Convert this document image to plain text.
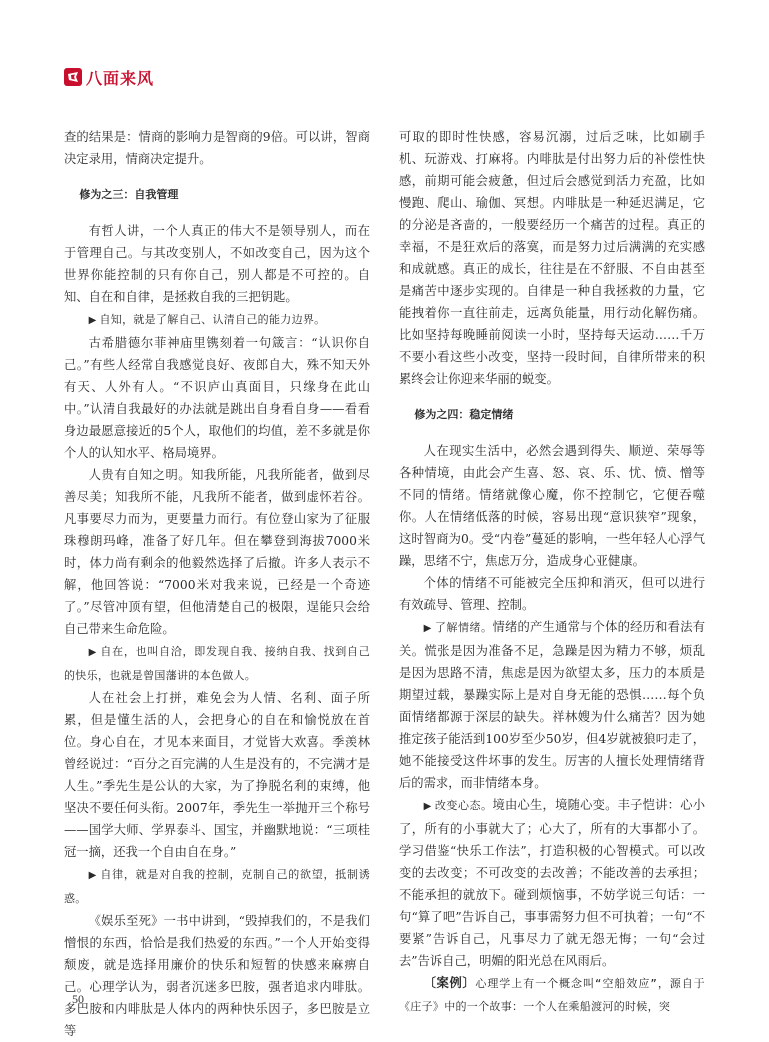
八面来风

查的结果是：情商的影响力是智商的9倍。可以讲，智商决定录用，情商决定提升。

修为之三：自我管理

有哲人讲，一个人真正的伟大不是领导别人，而在于管理自己。与其改变别人，不如改变自己，因为这个世界你能控制的只有你自己，别人都是不可控的。自知、自在和自律，是拯救自我的三把钥匙。

▶ 自知，就是了解自己、认清自己的能力边界。

古希腊德尔菲神庙里镌刻着一句箴言：“认识你自己。”有些人经常自我感觉良好、夜郎自大，殊不知天外有天、人外有人。“不识庐山真面目，只缘身在此山中。”认清自我最好的办法就是跳出自身看自身——看看身边最愿意接近的5个人，取他们的均值，差不多就是你个人的认知水平、格局境界。

人贵有自知之明。知我所能，凡我所能者，做到尽善尽美；知我所不能，凡我所不能者，做到虚怀若谷。凡事要尽力而为，更要量力而行。有位登山家为了征服珠穆朗玛峰，准备了好几年。但在攀登到海拔7000米时，体力尚有剩余的他毅然选择了后撤。许多人表示不解，他回答说：“7000米对我来说，已经是一个奇迹了。”尽管冲顶有望，但他清楚自己的极限，逞能只会给自己带来生命危险。

▶ 自在，也叫自洽，即发现自我、接纳自我、找到自己的快乐，也就是曾国藩讲的本色做人。

人在社会上打拼，难免会为人情、名利、面子所累，但是懂生活的人，会把身心的自在和愉悦放在首位。身心自在，才见本来面目，才觉皆大欢喜。季羡林曾经说过：“百分之百完满的人生是没有的，不完满才是人生。”季先生是公认的大家，为了挣脱名利的束缚，他坚决不要任何头衔。2007年，季先生一举抛开三个称号——国学大师、学界泰斗、国宝，并幽默地说：“三项桂冠一摘，还我一个自由自在身。”

▶ 自律，就是对自我的控制，克制自己的欲望，抵制诱惑。

《娱乐至死》一书中讲到，“毁掉我们的，不是我们憎恨的东西，恰恰是我们热爱的东西。”一个人开始变得颓废，就是选择用廉价的快乐和短暂的快感来麻痹自己。心理学认为，弱者沉迷多巴胺，强者追求内啡肽。多巴胺和内啡肽是人体内的两种快乐因子，多巴胺是立等

可取的即时性快感，容易沉溺，过后乏味，比如刷手机、玩游戏、打麻将。内啡肽是付出努力后的补偿性快感，前期可能会疲惫，但过后会感觉到活力充盈，比如慢跑、爬山、瑜伽、冥想。内啡肽是一种延迟满足，它的分泌是吝啬的，一般要经历一个痛苦的过程。真正的幸福，不是狂欢后的落寞，而是努力过后满满的充实感和成就感。真正的成长，往往是在不舒服、不自由甚至是痛苦中逐步实现的。自律是一种自我拯救的力量，它能拽着你一直往前走，远离负能量，用行动化解伤痛。比如坚持每晚睡前阅读一小时，坚持每天运动……千万不要小看这些小改变，坚持一段时间，自律所带来的积累终会让你迎来华丽的蜕变。

修为之四：稳定情绪

人在现实生活中，必然会遇到得失、顺逆、荣辱等各种情境，由此会产生喜、怒、哀、乐、忧、愤、憎等不同的情绪。情绪就像心魔，你不控制它，它便吞噬你。人在情绪低落的时候，容易出现“意识狭窄”现象，这时智商为0。受“内卷”蔓延的影响，一些年轻人心浮气躁，思绪不宁，焦虑万分，造成身心亚健康。

个体的情绪不可能被完全压抑和消灭，但可以进行有效疏导、管理、控制。

▶ 了解情绪。情绪的产生通常与个体的经历和看法有关。慌张是因为准备不足，急躁是因为精力不够，烦乱是因为思路不清，焦虑是因为欲望太多，压力的本质是期望过载，暴躁实际上是对自身无能的恐惧……每个负面情绪都源于深层的缺失。祥林嫂为什么痛苦？因为她推定孩子能活到100岁至少50岁，但4岁就被狼叼走了，她不能接受这件坏事的发生。厉害的人擅长处理情绪背后的需求，而非情绪本身。

▶ 改变心态。境由心生，境随心变。丰子恺讲：心小了，所有的小事就大了；心大了，所有的大事都小了。学习借鉴“快乐工作法”，打造积极的心智模式。可以改变的去改变；不可改变的去改善；不能改善的去承担；不能承担的就放下。碰到烦恼事，不妨学说三句话：一句“算了吧”告诉自己，事事需努力但不可执着；一句“不要紧”告诉自己，凡事尽力了就无怨无悔；一句“会过去”告诉自己，明媚的阳光总在风雨后。

〔案例〕心理学上有一个概念叫“空船效应”，源自于《庄子》中的一个故事：一个人在乘船渡河的时候，突

50
